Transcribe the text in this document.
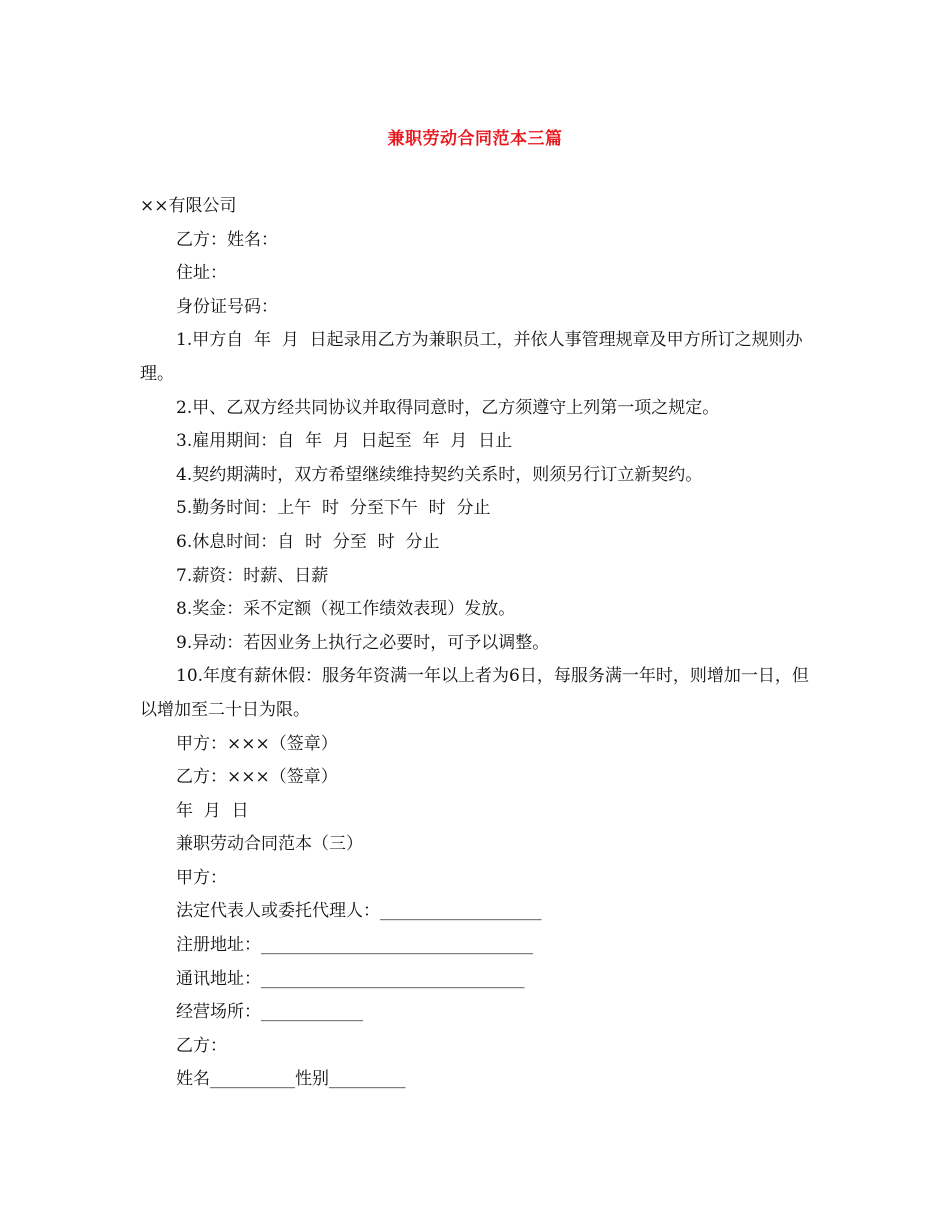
兼职劳动合同范本三篇

××有限公司

乙方：姓名：

住址：

身份证号码：

1.甲方自  年  月  日起录用乙方为兼职员工，并依人事管理规章及甲方所订之规则办理。

2.甲、乙双方经共同协议并取得同意时，乙方须遵守上列第一项之规定。

3.雇用期间：自  年  月  日起至  年  月  日止

4.契约期满时，双方希望继续维持契约关系时，则须另行订立新契约。

5.勤务时间：上午  时  分至下午  时  分止

6.休息时间：自  时  分至  时  分止

7.薪资：时薪、日薪

8.奖金：采不定额（视工作绩效表现）发放。

9.异动：若因业务上执行之必要时，可予以调整。

10.年度有薪休假：服务年资满一年以上者为6日，每服务满一年时，则增加一日，但以增加至二十日为限。

甲方：×××（签章）

乙方：×××（签章）

年  月  日

兼职劳动合同范本（三）

甲方：

法定代表人或委托代理人：___________________

注册地址：________________________________

通讯地址：_______________________________

经营场所：____________

乙方：

姓名__________性别_________
